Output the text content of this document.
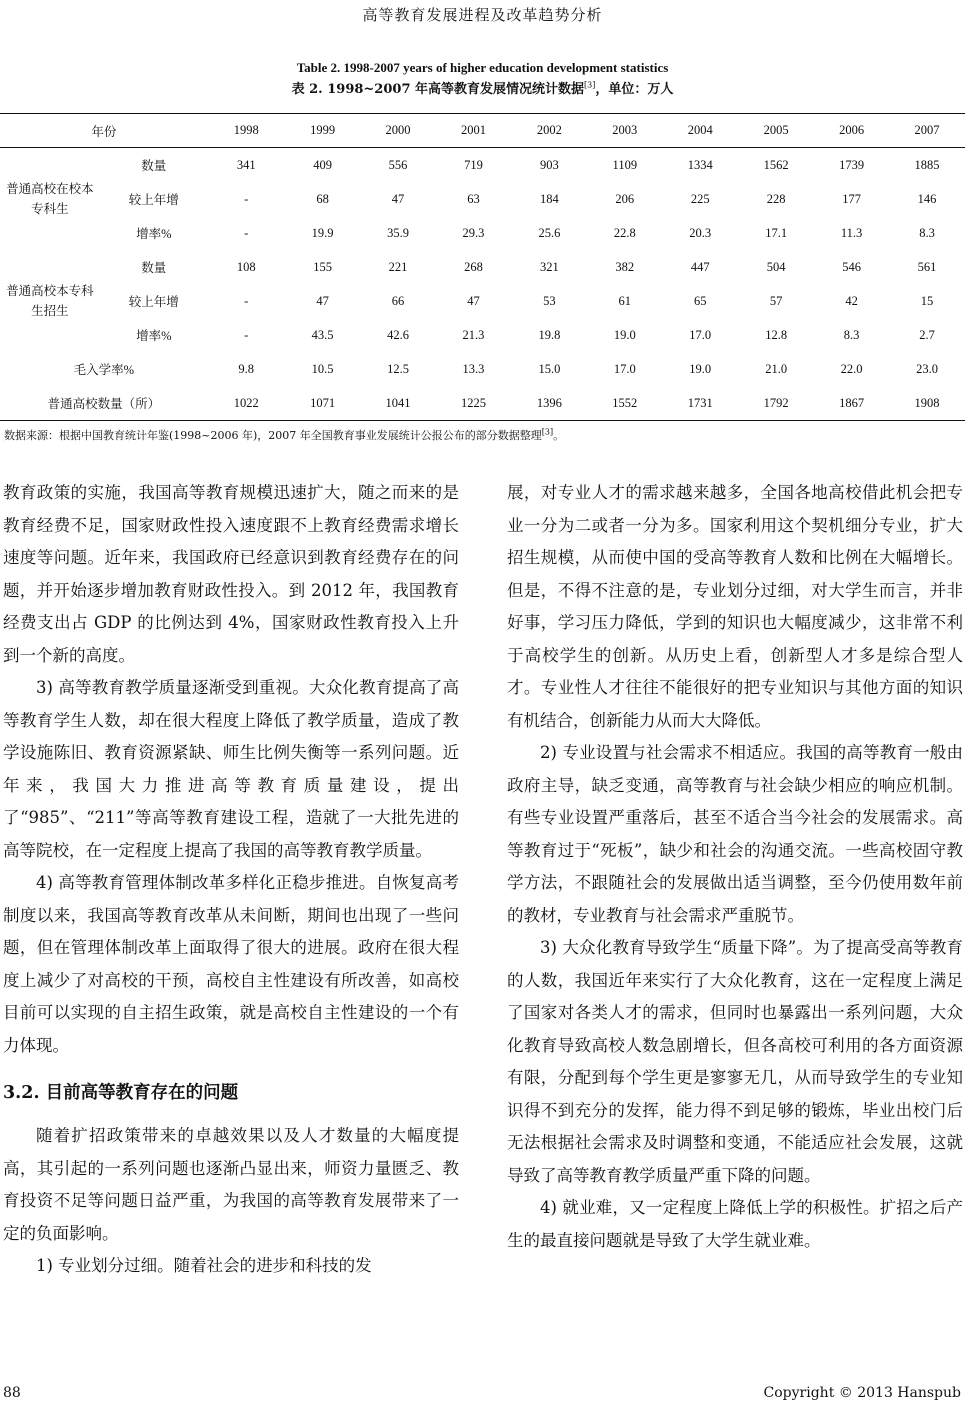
高等教育发展进程及改革趋势分析
Table 2. 1998-2007 years of higher education development statistics
表 2. 1998~2007 年高等教育发展情况统计数据[3]，单位：万人
年份		1998	1999	2000	2001	2002	2003	2004	2005	2006	2007
普通高校在校本专科生	数量	341	409	556	719	903	1109	1334	1562	1739	1885
	较上年增	-	68	47	63	184	206	225	228	177	146
	增率%	-	19.9	35.9	29.3	25.6	22.8	20.3	17.1	11.3	8.3
普通高校本专科生招生	数量	108	155	221	268	321	382	447	504	546	561
	较上年增	-	47	66	47	53	61	65	57	42	15
	增率%	-	43.5	42.6	21.3	19.8	19.0	17.0	12.8	8.3	2.7
毛入学率%		9.8	10.5	12.5	13.3	15.0	17.0	19.0	21.0	22.0	23.0
普通高校数量（所）		1022	1071	1041	1225	1396	1552	1731	1792	1867	1908
数据来源：根据中国教育统计年鉴(1998~2006 年)，2007 年全国教育事业发展统计公报公布的部分数据整理[3]。

教育政策的实施，我国高等教育规模迅速扩大，随之而来的是教育经费不足，国家财政性投入速度跟不上教育经费需求增长速度等问题。近年来，我国政府已经意识到教育经费存在的问题，并开始逐步增加教育财政性投入。到 2012 年，我国教育经费支出占 GDP 的比例达到 4%，国家财政性教育投入上升到一个新的高度。

3) 高等教育教学质量逐渐受到重视。大众化教育提高了高等教育学生人数，却在很大程度上降低了教学质量，造成了教学设施陈旧、教育资源紧缺、师生比例失衡等一系列问题。近年来，我国大力推进高等教育质量建设，提出了“985”、“211”等高等教育建设工程，造就了一大批先进的高等院校，在一定程度上提高了我国的高等教育教学质量。

4) 高等教育管理体制改革多样化正稳步推进。自恢复高考制度以来，我国高等教育改革从未间断，期间也出现了一些问题，但在管理体制改革上面取得了很大的进展。政府在很大程度上减少了对高校的干预，高校自主性建设有所改善，如高校目前可以实现的自主招生政策，就是高校自主性建设的一个有力体现。

3.2. 目前高等教育存在的问题

随着扩招政策带来的卓越效果以及人才数量的大幅度提高，其引起的一系列问题也逐渐凸显出来，师资力量匮乏、教育投资不足等问题日益严重，为我国的高等教育发展带来了一定的负面影响。

1) 专业划分过细。随着社会的进步和科技的发

展，对专业人才的需求越来越多，全国各地高校借此机会把专业一分为二或者一分为多。国家利用这个契机细分专业，扩大招生规模，从而使中国的受高等教育人数和比例在大幅增长。但是，不得不注意的是，专业划分过细，对大学生而言，并非好事，学习压力降低，学到的知识也大幅度减少，这非常不利于高校学生的创新。从历史上看，创新型人才多是综合型人才。专业性人才往往不能很好的把专业知识与其他方面的知识有机结合，创新能力从而大大降低。

2) 专业设置与社会需求不相适应。我国的高等教育一般由政府主导，缺乏变通，高等教育与社会缺少相应的响应机制。有些专业设置严重落后，甚至不适合当今社会的发展需求。高等教育过于“死板”，缺少和社会的沟通交流。一些高校固守教学方法，不跟随社会的发展做出适当调整，至今仍使用数年前的教材，专业教育与社会需求严重脱节。

3) 大众化教育导致学生“质量下降”。为了提高受高等教育的人数，我国近年来实行了大众化教育，这在一定程度上满足了国家对各类人才的需求，但同时也暴露出一系列问题，大众化教育导致高校人数急剧增长，但各高校可利用的各方面资源有限，分配到每个学生更是寥寥无几，从而导致学生的专业知识得不到充分的发挥，能力得不到足够的锻炼，毕业出校门后无法根据社会需求及时调整和变通，不能适应社会发展，这就导致了高等教育教学质量严重下降的问题。

4) 就业难，又一定程度上降低上学的积极性。扩招之后产生的最直接问题就是导致了大学生就业难。

88	Copyright © 2013 Hanspub
